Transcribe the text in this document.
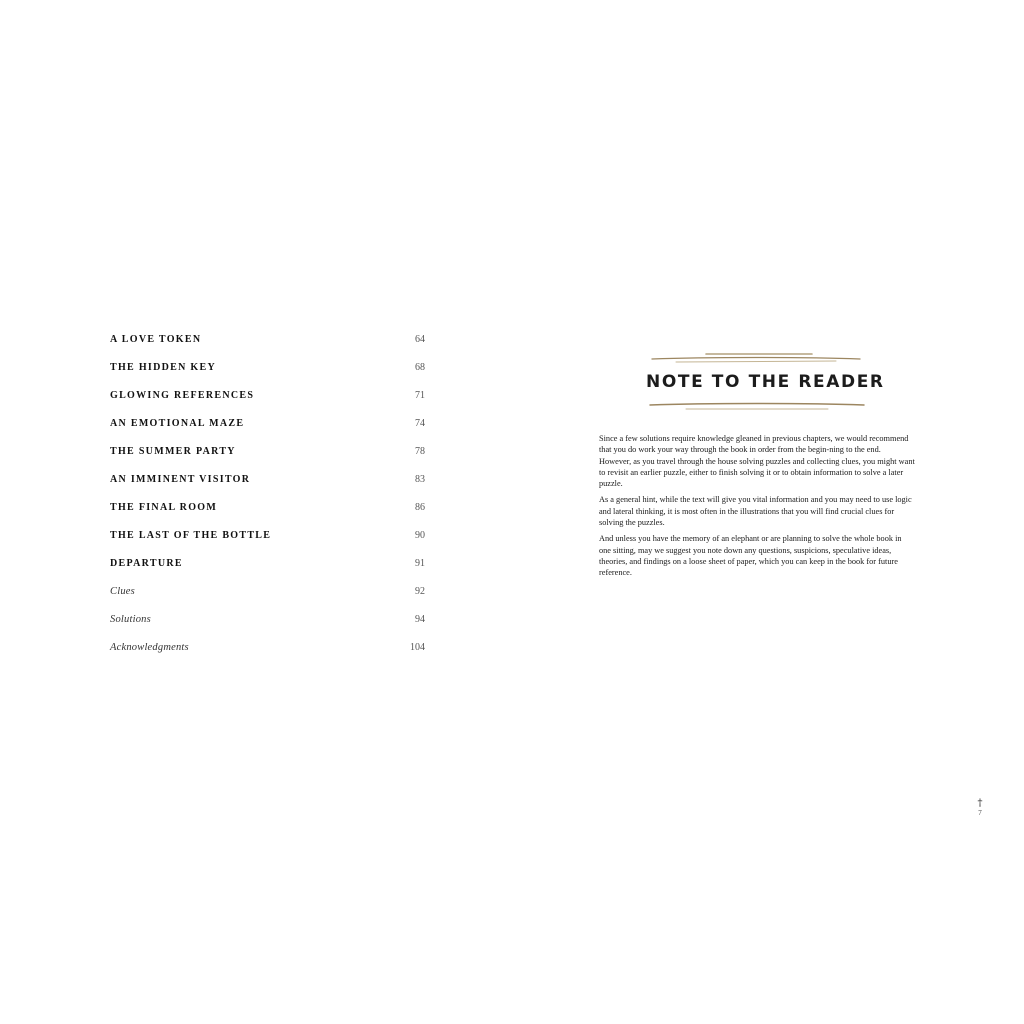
A LOVE TOKEN	64
THE HIDDEN KEY	68
GLOWING REFERENCES	71
AN EMOTIONAL MAZE	74
THE SUMMER PARTY	78
AN IMMINENT VISITOR	83
THE FINAL ROOM	86
THE LAST OF THE BOTTLE	90
DEPARTURE	91
Clues	92
Solutions	94
Acknowledgments	104
NOTE TO THE READER

Since a few solutions require knowledge gleaned in previous chapters, we would recommend that you do work your way through the book in order from the begin-ning to the end. However, as you travel through the house solving puzzles and collecting clues, you might want to revisit an earlier puzzle, either to finish solving it or to obtain information to solve a later puzzle.

As a general hint, while the text will give you vital information and you may need to use logic and lateral thinking, it is most often in the illustrations that you will find crucial clues for solving the puzzles.

And unless you have the memory of an elephant or are planning to solve the whole book in one sitting, may we suggest you note down any questions, suspicions, speculative ideas, theories, and findings on a loose sheet of paper, which you can keep in the book for future reference.

†
7
